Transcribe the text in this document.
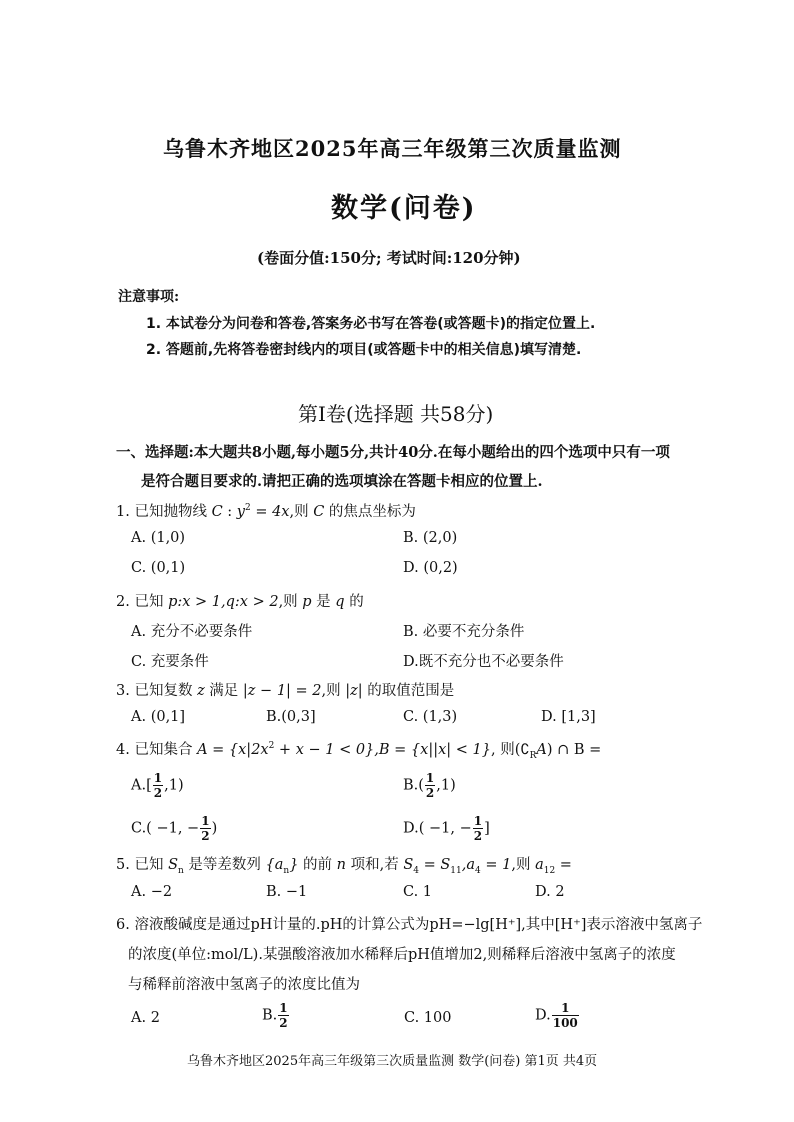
乌鲁木齐地区2025年高三年级第三次质量监测
数学(问卷)
(卷面分值:150分; 考试时间:120分钟)
注意事项:
1. 本试卷分为问卷和答卷,答案务必书写在答卷(或答题卡)的指定位置上.
2. 答题前,先将答卷密封线内的项目(或答题卡中的相关信息)填写清楚.
第Ⅰ卷(选择题 共58分)
一、选择题:本大题共8小题,每小题5分,共计40分.在每小题给出的四个选项中只有一项
是符合题目要求的.请把正确的选项填涂在答题卡相应的位置上.
1. 已知抛物线 C : $y^2 = 4x$,则 C 的焦点坐标为
A. (1,0)	B. (2,0)
C. (0,1)	D. (0,2)
2. 已知 p:x > 1,q:x > 2,则 p 是 q 的
A. 充分不必要条件	B. 必要不充分条件
C. 充要条件	D.既不充分也不必要条件
3. 已知复数 z 满足 |z − 1| = 2,则 |z| 的取值范围是
A. (0,1]	B.(0,3]	C. (1,3)	D. [1,3]
4. 已知集合 $A = \{x|2x^2 + x - 1 < 0\},B = \{x||x| < 1\}$, 则$(∁_RA)$ ∩ B =
$A.[ \frac{1}{2} ,1)$	$B.( \frac{1}{2} ,1)$
C.( −1, − $\frac{1}{2}$ )	D.( −1, − $\frac{1}{2}$ ]
5. 已知 $S_n$ 是等差数列 $\{a_n\}$ 的前 n 项和,若 $S_4 = S_{11},a_4 = 1$,则 $a_{12}$ =
A. −2	B. −1	C. 1	D. 2
6. 溶液酸碱度是通过pH计量的.pH的计算公式为pH=−lg[H⁺],其中[H⁺]表示溶液中氢离子
的浓度(单位:mol/L).某强酸溶液加水稀释后pH值增加2,则稀释后溶液中氢离子的浓度
与稀释前溶液中氢离子的浓度比值为
A. 2	B. $\frac{1}{2}$	C. 100	D. $\frac{1}{100}$
乌鲁木齐地区2025年高三年级第三次质量监测 数学(问卷) 第1页 共4页
